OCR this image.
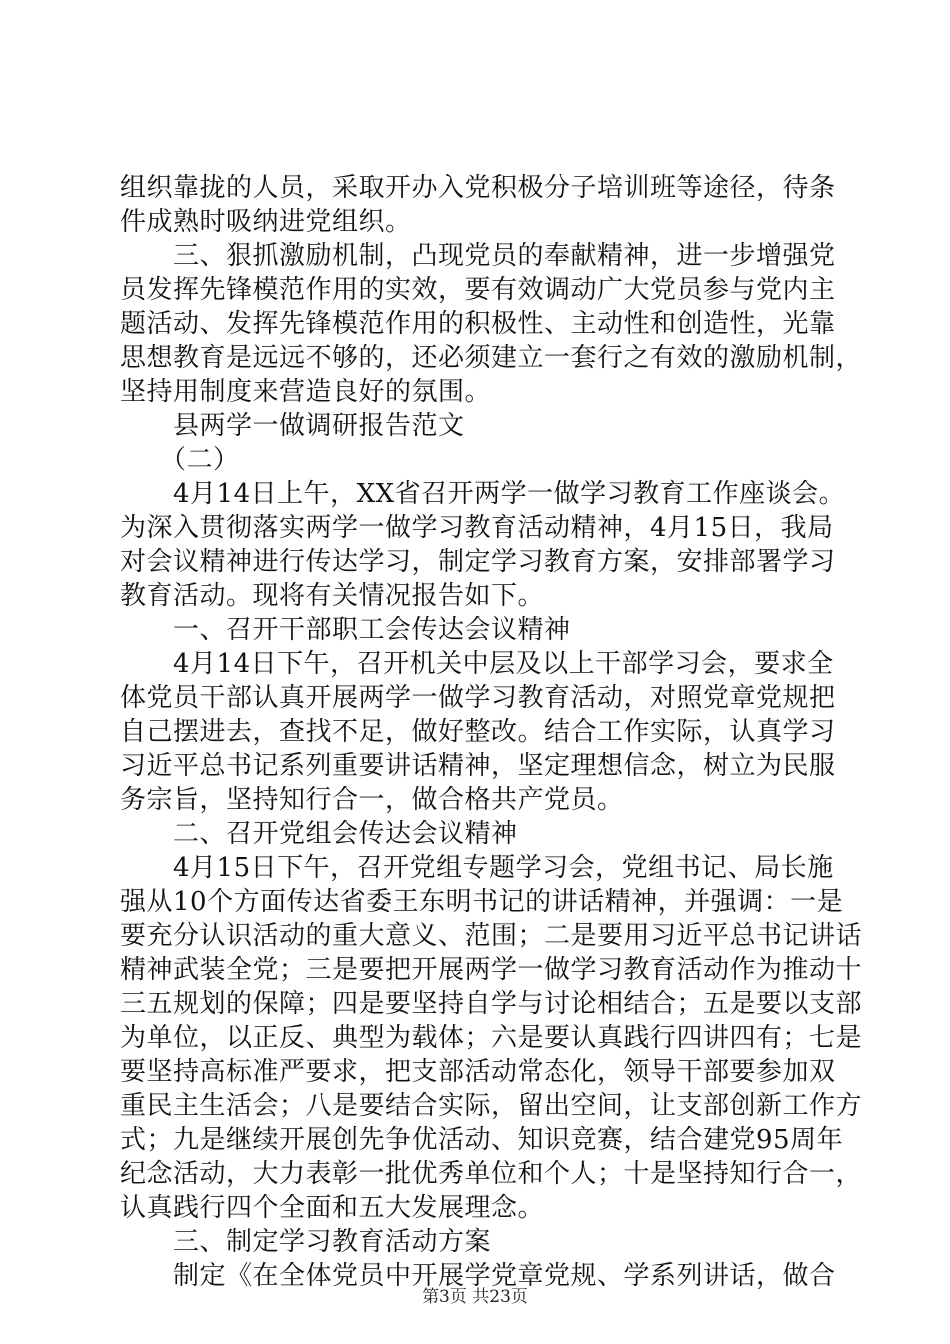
组织靠拢的人员，采取开办入党积极分子培训班等途径，待条
件成熟时吸纳进党组织。
　　三、狠抓激励机制，凸现党员的奉献精神，进一步增强党
员发挥先锋模范作用的实效，要有效调动广大党员参与党内主
题活动、发挥先锋模范作用的积极性、主动性和创造性，光靠
思想教育是远远不够的，还必须建立一套行之有效的激励机制，
坚持用制度来营造良好的氛围。
　　县两学一做调研报告范文
　　（二）
　　4月14日上午，XX省召开两学一做学习教育工作座谈会。
为深入贯彻落实两学一做学习教育活动精神，4月15日，我局
对会议精神进行传达学习，制定学习教育方案，安排部署学习
教育活动。现将有关情况报告如下。
　　一、召开干部职工会传达会议精神
　　4月14日下午，召开机关中层及以上干部学习会，要求全
体党员干部认真开展两学一做学习教育活动，对照党章党规把
自己摆进去，查找不足，做好整改。结合工作实际，认真学习
习近平总书记系列重要讲话精神，坚定理想信念，树立为民服
务宗旨，坚持知行合一，做合格共产党员。
　　二、召开党组会传达会议精神
　　4月15日下午，召开党组专题学习会，党组书记、局长施
强从10个方面传达省委王东明书记的讲话精神，并强调：一是
要充分认识活动的重大意义、范围；二是要用习近平总书记讲话
精神武装全党；三是要把开展两学一做学习教育活动作为推动十
三五规划的保障；四是要坚持自学与讨论相结合；五是要以支部
为单位，以正反、典型为载体；六是要认真践行四讲四有；七是
要坚持高标准严要求，把支部活动常态化，领导干部要参加双
重民主生活会；八是要结合实际，留出空间，让支部创新工作方
式；九是继续开展创先争优活动、知识竞赛，结合建党95周年
纪念活动，大力表彰一批优秀单位和个人；十是坚持知行合一，
认真践行四个全面和五大发展理念。
　　三、制定学习教育活动方案
　　制定《在全体党员中开展学党章党规、学系列讲话，做合
第3页 共23页
